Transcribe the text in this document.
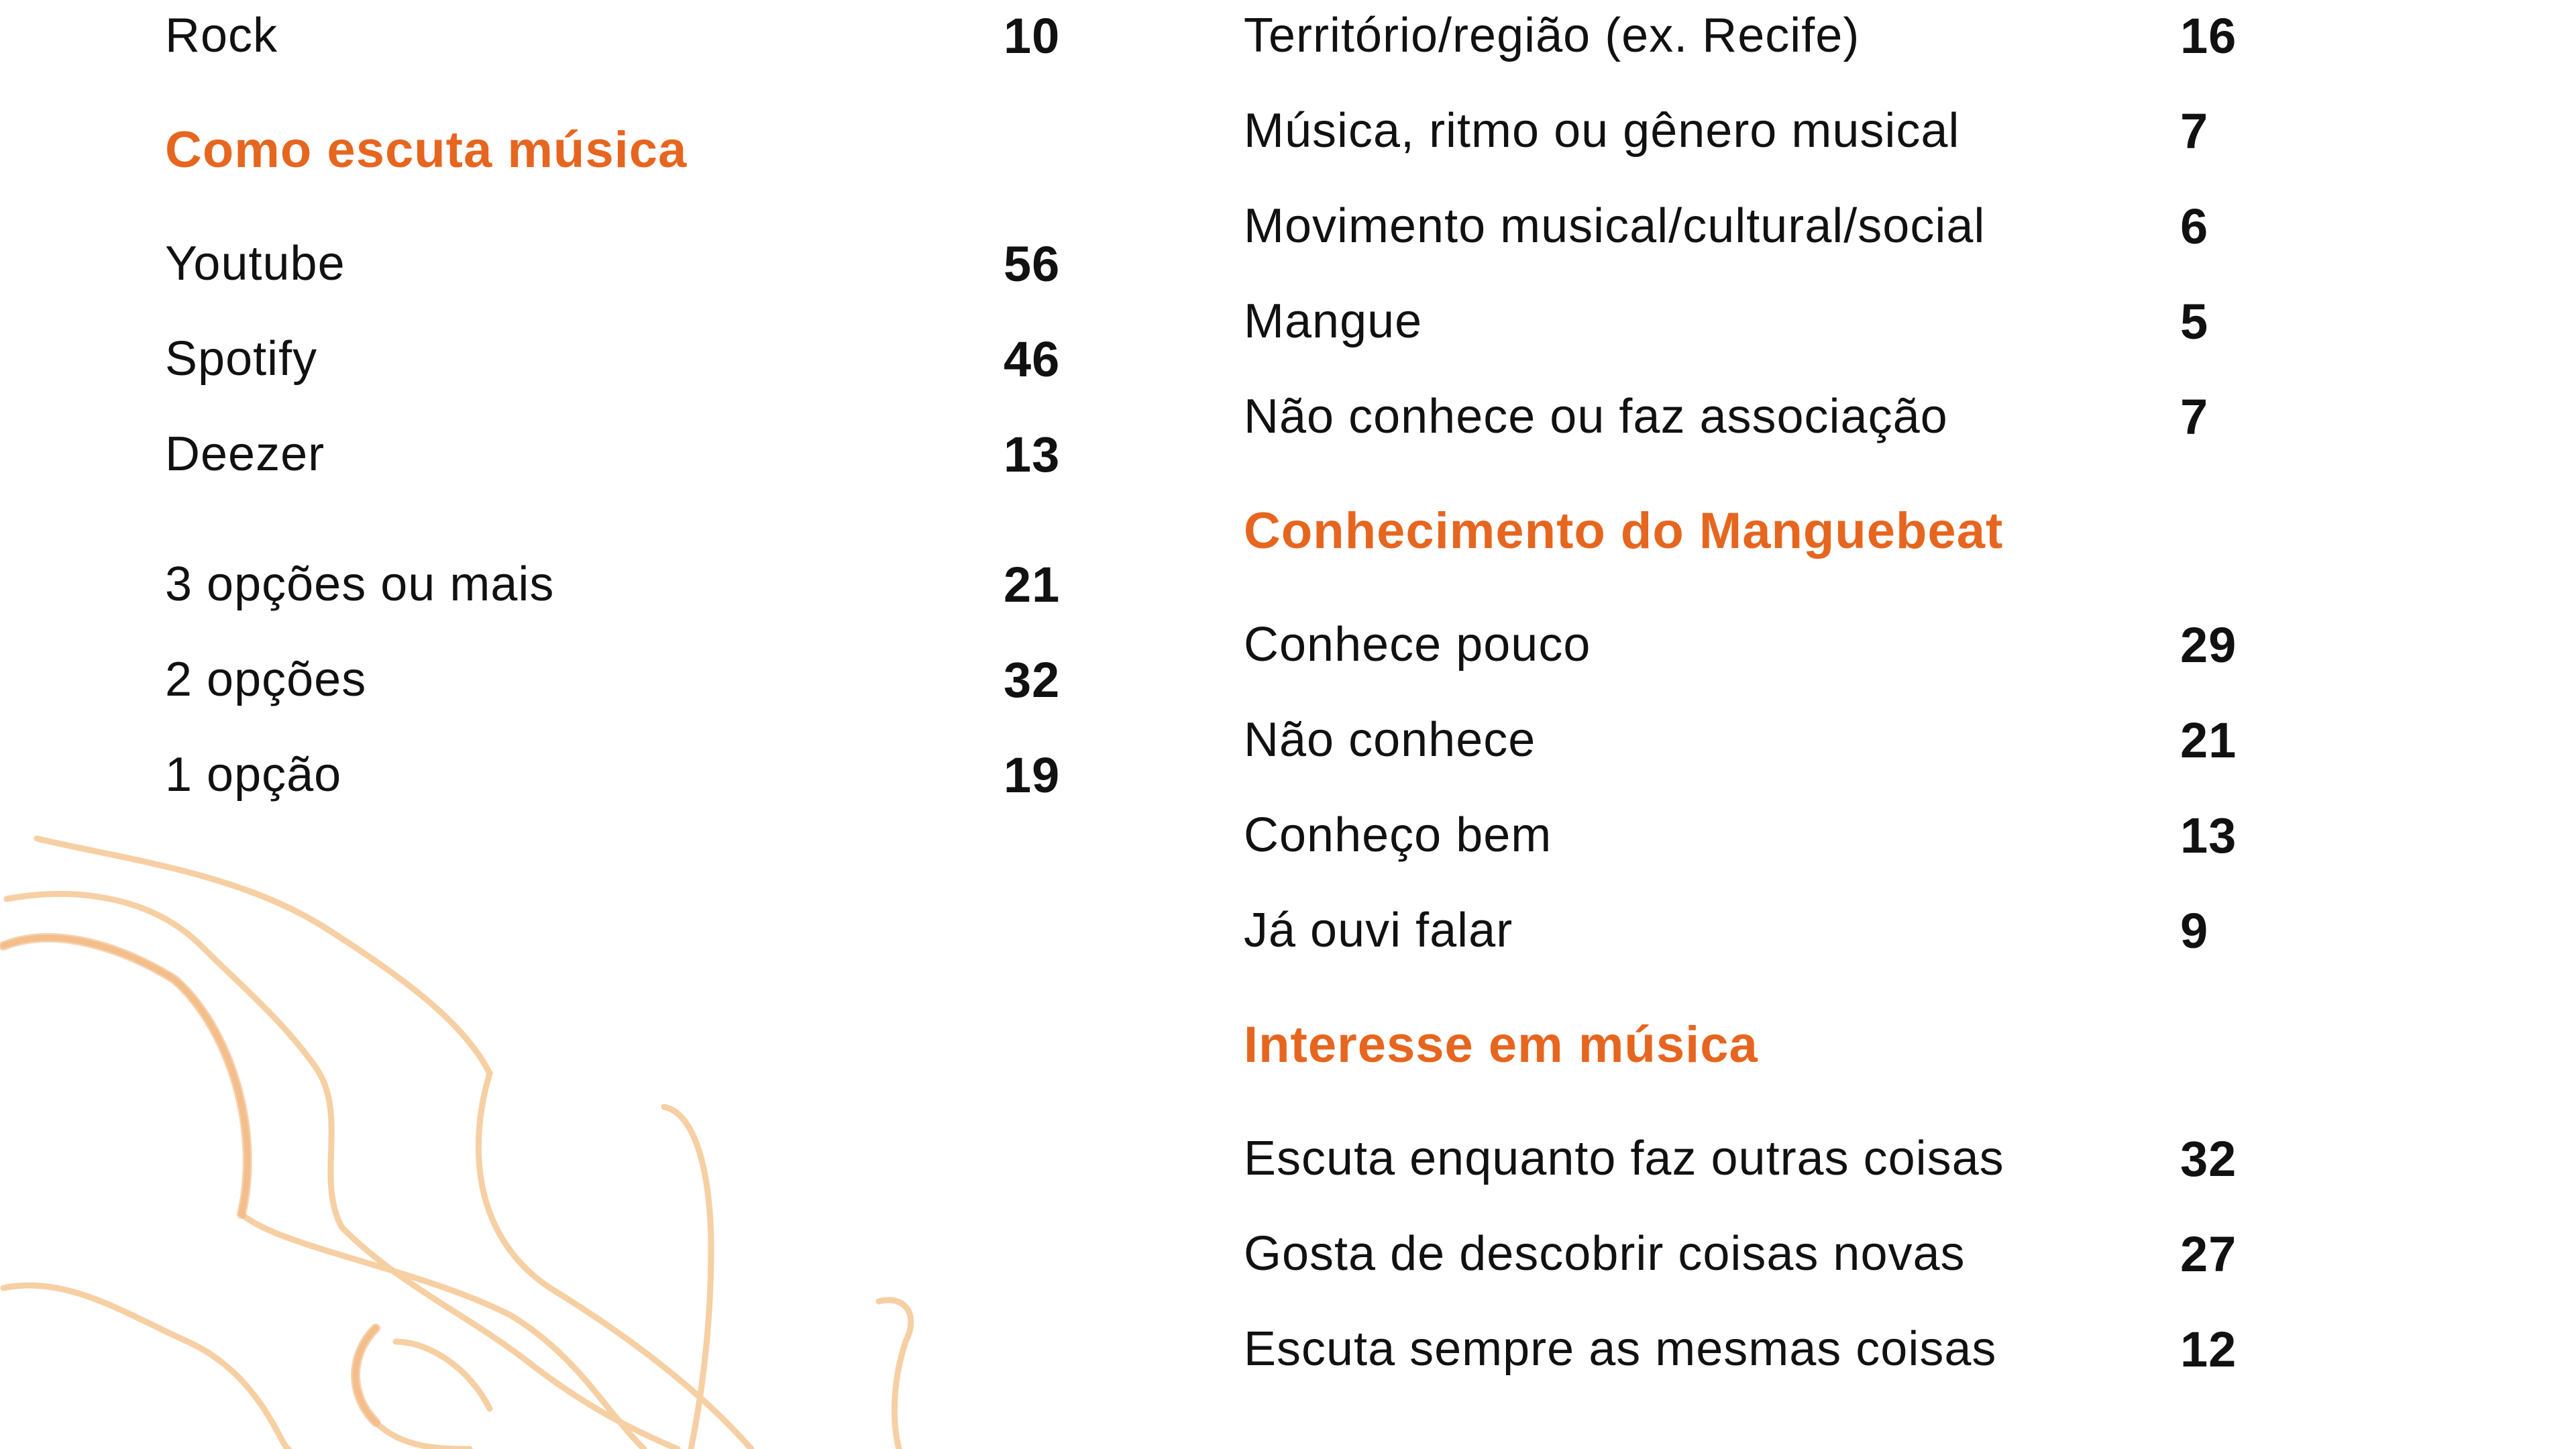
Rock	10
Como escuta música
Youtube	56
Spotify	46
Deezer	13
3 opções ou mais	21
2 opções	32
1 opção	19
Território/região (ex. Recife)	16
Música, ritmo ou gênero musical	7
Movimento musical/cultural/social	6
Mangue	5
Não conhece ou faz associação	7
Conhecimento do Manguebeat
Conhece pouco	29
Não conhece	21
Conheço bem	13
Já ouvi falar	9
Interesse em música
Escuta enquanto faz outras coisas	32
Gosta de descobrir coisas novas	27
Escuta sempre as mesmas coisas	12
